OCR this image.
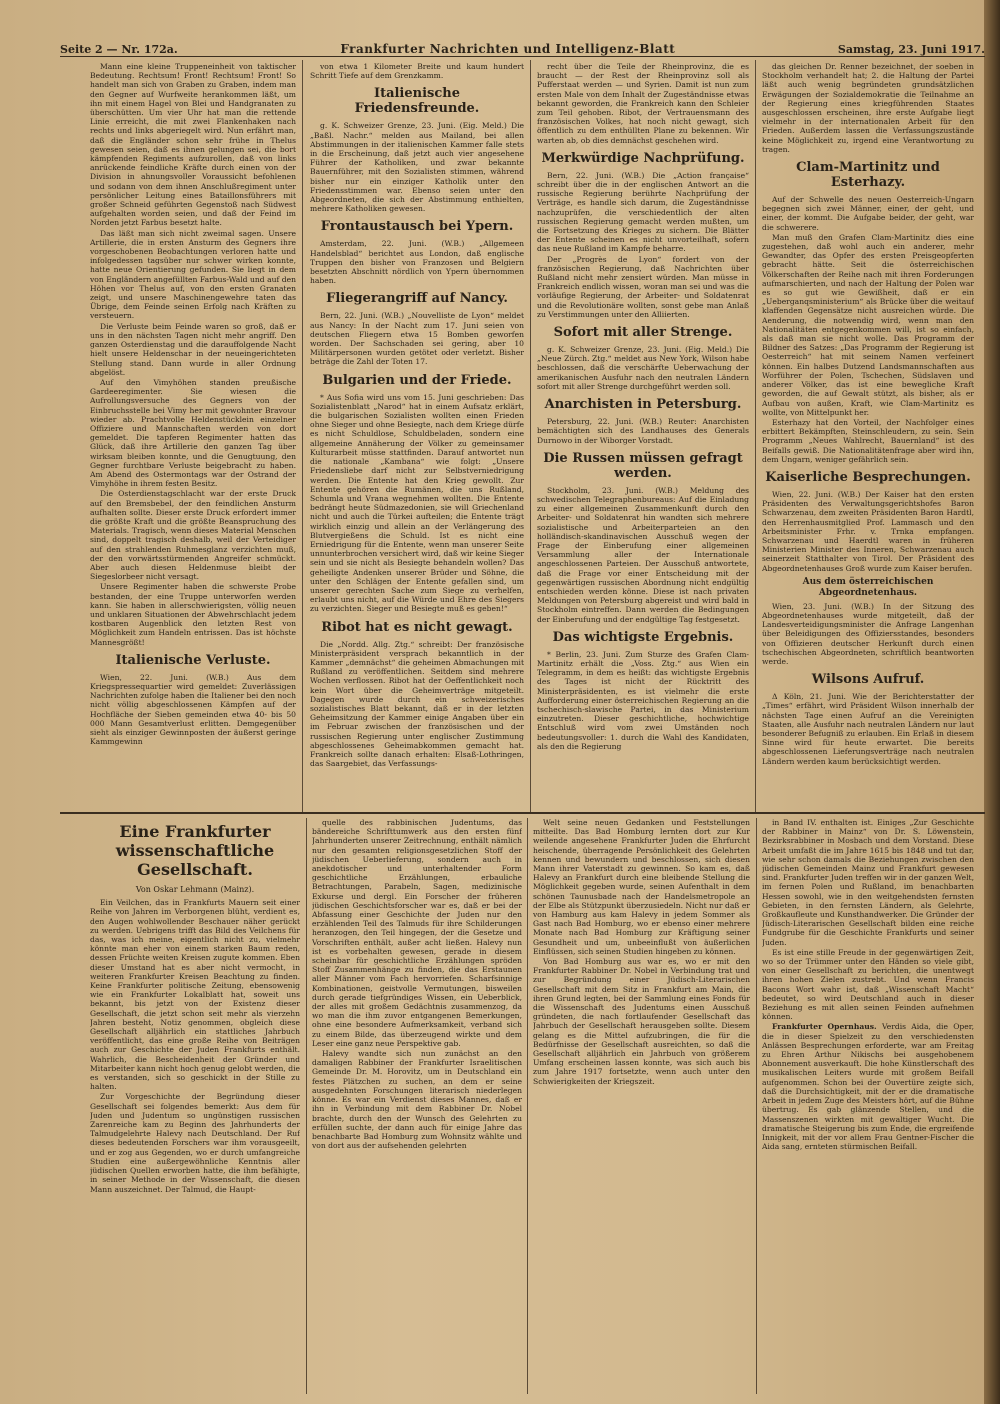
Seite 2 — Nr. 172a.	Frankfurter Nachrichten und Intelligenz-Blatt	Samstag, 23. Juni 1917.

Mann eine kleine Truppeneinheit von taktischer Bedeutung. Rechtsum! Front! Rechtsum! Front! So handelt man sich von Graben zu Graben, indem man den Gegner auf Wurfweite herankommen läßt, um ihn mit einem Hagel von Blei und Handgranaten zu überschütten. Um vier Uhr hat man die rettende Linie erreicht, die mit zwei Flankenhaken nach rechts und links abgeriegelt wird. Nun erfährt man, daß die Engländer schon sehr frühe in Thelus gewesen seien, daß es ihnen gelungen sei, die bort kämpfenden Regiments aufzurollen, daß von links anrückende feindliche Kräfte durch einen von der Division in ahnungsvoller Voraussicht befohlenen und sodann von dem ihnen Anschlußregiment unter persönlicher Leitung eines Bataillonsführers mit großer Schneid geführten Gegenstoß nach Südwest aufgehalten worden seien, und daß der Feind im Norden jetzt Farbus besetzt halte.

Das läßt man sich nicht zweimal sagen. Unsere Artillerie, die in ersten Ansturm des Gegners ihre vorgeschobenen Beobachtungen verloren hatte und infolgedessen tagsüber nur schwer wirken konnte, hatte neue Orientierung gefunden. Sie liegt in dem von Engländern angefüllten Farbus-Wald und auf den Höhen vor Thelus auf, von den ersten Granaten zeigt, und unsere Maschinengewehre taten das Übrige, dem Feinde seinen Erfolg nach Kräften zu versteuern.

Die Verluste beim Feinde waren so groß, daß er uns in den nächsten Tagen nicht mehr angriff. Den ganzen Osterdienstag und die darauffolgende Nacht hielt unsere Heldenschar in der neueingerichteten Stellung stand. Dann wurde in aller Ordnung abgelöst.

Auf den Vimyhöhen standen preußische Gardeeregimenter. Sie wiesen die Aufrollungsversuche des Gegners von der Einbruchsstelle bei Vimy her mit gewohnter Bravour wieder ab. Prachtvolle Heldenstücklein einzelner Offiziere und Mannschaften werden von dort gemeldet. Die tapferen Regimenter hatten das Glück, daß ihre Artillerie den ganzen Tag über wirksam bleiben konnte, und die Genugtuung, den Gegner furchtbare Verluste beigebracht zu haben. Am Abend des Ostermontags war der Ostrand der Vimyhöhe in ihrem festen Besitz.

Die Osterdienstagschlacht war der erste Druck auf den Bremsbebel, der den feindlichen Ansturm aufhalten sollte. Dieser erste Druck erfordert immer die größte Kraft und die größte Beanspruchung des Materials. Tragisch, wenn dieses Material Menschen sind, doppelt tragisch deshalb, weil der Verteidiger auf den strahlenden Ruhmesglanz verzichten muß, der den vorwärtsstürmenden Angreifer schmückt. Aber auch diesen Heldenmuse bleibt der Siegeslorbeer nicht versagt.

Unsere Regimenter haben die schwerste Probe bestanden, der eine Truppe unterworfen werden kann. Sie haben in allerschwierigsten, völlig neuen und unklaren Situationen der Abwehrschlacht jedem kostbaren Augenblick den letzten Rest von Möglichkeit zum Handeln entrissen. Das ist höchste Mannesgrößt!

Italienische Verluste.

Wien, 22. Juni. (W.B.) Aus dem Kriegspressequartier wird gemeldet: Zuverlässigen Nachrichten zufolge haben die Italiener bei den noch nicht völlig abgeschlossenen Kämpfen auf der Hochfläche der Sieben gemeinden etwa 40- bis 50 000 Mann Gesamtverlust erlitten. Demgegenüber sieht als einziger Gewinnposten der äußerst geringe Kammgewinn

von etwa 1 Kilometer Breite und kaum hundert Schritt Tiefe auf dem Grenzkamm.

Italienische Friedensfreunde.

g. K. Schweizer Grenze, 23. Juni. (Eig. Meld.) Die „Baßl. Nachr.“ melden aus Mailand, bei allen Abstimmungen in der italienischen Kammer falle stets in die Erscheinung, daß jetzt auch vier angesehene Führer der Katholiken, und zwar bekannte Bauernführer, mit den Sozialisten stimmen, während bisher nur ein einziger Katholik unter den Friedensstimmen war. Ebenso seien unter den Abgeordneten, die sich der Abstimmung enthielten, mehrere Katholiken gewesen.

Frontaustausch bei Ypern.

Amsterdam, 22. Juni. (W.B.) „Allgemeen Handelsblad“ berichtet aus London, daß englische Truppen den bisher von Franzosen und Belgiern besetzten Abschnitt nördlich von Ypern übernommen haben.

Fliegerangriff auf Nancy.

Bern, 22. Juni. (W.B.) „Nouvelliste de Lyon“ meldet aus Nancy: In der Nacht zum 17. Juni seien von deutschen Fliegern etwa 15 Bomben geworfen worden. Der Sachschaden sei gering, aber 10 Militärpersonen wurden getötet oder verletzt. Bisher beträge die Zahl der Toten 17.

Bulgarien und der Friede.

* Aus Sofia wird uns vom 15. Juni geschrieben: Das Sozialistenblatt „Narod“ hat in einem Aufsatz erklärt, die bulgarischen Sozialisten wollten einen Frieden ohne Sieger und ohne Besiegte, nach dem Kriege dürfe es nicht Schuldlose, Schuldbeladen, sondern eine allgemeine Annäherung der Völker zu gemeinsamer Kulturarbeit müsse stattfinden. Darauf antwortet nun die nationale „Kambana“ wie folgt: „Unsere Friedensliebe darf nicht zur Selbstverniedrigung werden. Die Entente hat den Krieg gewollt. Zur Entente gehören die Rumänen, die uns Rußland, Schumla und Vrana wegnehmen wollten. Die Entente bedrängt heute Südmazedonien, sie will Griechenland nicht und auch die Türkei aufteilen; die Entente trägt wirklich einzig und allein an der Verlängerung des Blutvergießens die Schuld. Ist es nicht eine Erniedrigung für die Entente, wenn man unserer Seite unnunterbrochen versichert wird, daß wir keine Sieger sein und sie nicht als Besiegte behandeln wollen? Das geheiligte Andenken unserer Brüder und Söhne, die unter den Schlägen der Entente gefallen sind, um unserer gerechten Sache zum Siege zu verhelfen, erlaubt uns nicht, auf die Würde und Ehre des Siegers zu verzichten. Sieger und Besiegte muß es geben!“

Ribot hat es nicht gewagt.

Die „Nordd. Allg. Ztg.“ schreibt: Der französische Ministerpräsident versprach bekanntlich in der Kammer „demnächst“ die geheimen Abmachungen mit Rußland zu veröffentlichen. Seitdem sind mehrere Wochen verflossen. Ribot hat der Oeffentlichkeit noch kein Wort über die Geheimverträge mitgeteilt. Dagegen wurde durch ein schweizerisches sozialistisches Blatt bekannt, daß er in der letzten Geheimsitzung der Kammer einige Angaben über ein im Februar zwischen der französischen und der russischen Regierung unter englischer Zustimmung abgeschlossenes Geheimabkommen gemacht hat. Frankreich sollte danach erhalten: Elsaß-Lothringen, das Saargebiet, das Verfassungs-

recht über die Teile der Rheinprovinz, die es braucht — der Rest der Rheinprovinz soll als Pufferstaat werden — und Syrien. Damit ist nun zum ersten Male von dem Inhalt der Zugeständnisse etwas bekannt geworden, die Frankreich kann den Schleier zum Teil gehoben. Ribot, der Vertrauensmann des französischen Volkes, hat noch nicht gewagt, sich öffentlich zu dem enthüllten Plane zu bekennen. Wir warten ab, ob dies demnächst geschehen wird.

Merkwürdige Nachprüfung.

Bern, 22. Juni. (W.B.) Die „Action française“ schreibt über die in der englischen Antwort an die russische Regierung berührte Nachprüfung der Verträge, es handle sich darum, die Zugeständnisse nachzuprüfen, die verschiedentlich der alten russischen Regierung gemacht werden mußten, um die Fortsetzung des Krieges zu sichern. Die Blätter der Entente scheinen es nicht unvorteilhaft, sofern das neue Rußland im Kampfe beharre.

Der „Progrès de Lyon“ fordert von der französischen Regierung, daß Nachrichten über Rußland nicht mehr zensiert würden. Man müsse in Frankreich endlich wissen, woran man sei und was die vorläufige Regierung, der Arbeiter- und Soldatenrat und die Revolutionäre wollten, sonst gebe man Anlaß zu Verstimmungen unter den Alliierten.

Sofort mit aller Strenge.

g. K. Schweizer Grenze, 23. Juni. (Eig. Meld.) Die „Neue Zürch. Ztg.“ meldet aus New York, Wilson habe beschlossen, daß die verschärfte Ueberwachung der amerikanischen Ausfuhr nach den neutralen Ländern sofort mit aller Strenge durchgeführt werden soll.

Anarchisten in Petersburg.

Petersburg, 22. Juni. (W.B.) Reuter: Anarchisten bemächtigten sich des Landhauses des Generals Durnowo in der Wiborger Vorstadt.

Die Russen müssen gefragt werden.

Stockholm, 23. Juni. (W.B.) Meldung des schwedischen Telegraphenbureaus: Auf die Einladung zu einer allgemeinen Zusammenkunft durch den Arbeiter- und Soldatenrat hin wandten sich mehrere sozialistische und Arbeiterparteien an den holländisch-skandinavischen Ausschuß wegen der Frage der Einberufung einer allgemeinen Versammlung aller der Internationale angeschlossenen Parteien. Der Ausschuß antwortete, daß die Frage vor einer Entscheidung mit der gegenwärtigen russischen Abordnung nicht endgültig entschieden werden könne. Diese ist nach privaten Meldungen von Petersburg abgereist und wird bald in Stockholm eintreffen. Dann werden die Bedingungen der Einberufung und der endgültige Tag festgesetzt.

Das wichtigste Ergebnis.

* Berlin, 23. Juni. Zum Sturze des Grafen Clam-Martinitz erhält die „Voss. Ztg.“ aus Wien ein Telegramm, in dem es heißt: das wichtigste Ergebnis des Tages ist nicht der Rücktritt des Ministerpräsidenten, es ist vielmehr die erste Aufforderung einer österreichischen Regierung an die tschechisch-slawische Partei, in das Ministerium einzutreten. Dieser geschichtliche, hochwichtige Entschluß wird vom zwei Umständen noch bedeutungsvoller: 1. durch die Wahl des Kandidaten, als den die Regierung

das gleichen Dr. Renner bezeichnet, der soeben in Stockholm verhandelt hat; 2. die Haltung der Partei läßt auch wenig begründeten grundsätzlichen Erwägungen der Sozialdemokratie die Teilnahme an der Regierung eines kriegführenden Staates ausgeschlossen erscheinen, ihre erste Aufgabe liegt vielmehr in der internationalen Arbeit für den Frieden. Außerdem lassen die Verfassungszustände keine Möglichkeit zu, irgend eine Verantwortung zu tragen.

Clam-Martinitz und Esterhazy.

Auf der Schwelle des neuen Oesterreich-Ungarn begegnen sich zwei Männer, einer, der geht, und einer, der kommt. Die Aufgabe beider, der geht, war die schwerere.

Man muß den Grafen Clam-Martinitz dies eine zugestehen, daß wohl auch ein anderer, mehr Gewandter, das Opfer des ersten Preisgeopferten gebracht hätte. Seit die österreichischen Völkerschaften der Reihe nach mit ihren Forderungen aufmarschierten, und nach der Haltung der Polen war es so gut wie Gewißheit, daß er ein „Ueberganqsministerium“ als Brücke über die weitauf klaffenden Gegensätze nicht ausreichen würde. Die Aenderung, die notwendig wird, wenn man den Nationalitäten entgegenkommen will, ist so einfach, als daß man sie nicht wolle. Das Programm der Bildner des Satzes: „Das Programm der Regierung ist Oesterreich“ hat mit seinem Namen verfeinert können. Ein halbes Dutzend Landsmannschaften aus Worführer der Polen, Tschechen, Südslaven und anderer Völker, das ist eine bewegliche Kraft geworden, die auf Gewalt stützt, als bisher, als er Aufbau von außen, Kraft, wie Clam-Martinitz es wollte, von Mittelpunkt her.

Esterhazy hat den Vorteil, der Nachfolger eines erbittert Bekämpften, Steinschleudern, zu sein. Sein Programm „Neues Wahlrecht, Bauernland“ ist des Beifalls gewiß. Die Nationalitätenfrage aber wird ihn, dem Ungarn, weniger gefährlich sein.

Kaiserliche Besprechungen.

Wien, 22. Juni. (W.B.) Der Kaiser hat den ersten Präsidenten des Verwaltungsgerichtshofes Baron Schwarzenau, dem zweiten Präsidenten Baron Hardtl, den Herrenhausmitglied Prof. Lammasch und den Arbeitsminister Frhr. v. Trnka empfangen. Schwarzenau und Haerdtl waren in früheren Ministerien Minister des Inneren, Schwarzenau auch seinerzeit Statthalter von Tirol. Der Präsident des Abgeordnetenhauses Groß wurde zum Kaiser berufen.

Aus dem österreichischen Abgeordnetenhaus.

Wien, 23. Juni. (W.B.) In der Sitzung des Abgeordnetenhauses wurde mitgeteilt, daß der Landesverteidigungsminister die Anfrage Langenhan über Beleidigungen des Offiziersstandes, besonders von Offizieren deutscher Herkunft durch einen tschechischen Abgeordneten, schriftlich beantworten werde.

Wilsons Aufruf.

Δ Köln, 21. Juni. Wie der Berichterstatter der „Times“ erfährt, wird Präsident Wilson innerhalb der nächsten Tage einen Aufruf an die Vereinigten Staaten, alle Ausfuhr nach neutralen Ländern nur laut besonderer Befugniß zu erlauben. Ein Erlaß in diesem Sinne wird für heute erwartet. Die bereits abgeschlossenen Lieferungsverträge nach neutralen Ländern werden kaum berücksichtigt werden.

Eine Frankfurter wissenschaftliche Gesellschaft.
Von Oskar Lehmann (Mainz).

Ein Veilchen, das in Frankfurts Mauern seit einer Reihe von Jahren im Verborgenen blüht, verdient es, den Augen wohlwollender Beschauer näher gerückt zu werden. Uebrigens trifft das Bild des Veilchens für das, was ich meine, eigentlich nicht zu, vielmehr könnte man eher von einem starken Baum reden, dessen Früchte weiten Kreisen zugute kommen. Eben dieser Umstand hat es aber nicht vermocht, in weiteren Frankfurter Kreisen Beachtung zu finden. Keine Frankfurter politische Zeitung, ebensowenig wie ein Frankfurter Lokalblatt hat, soweit uns bekannt, bis jetzt von der Existenz dieser Gesellschaft, die jetzt schon seit mehr als vierzehn Jahren besteht, Notiz genommen, obgleich diese Gesellschaft alljährlich ein stattliches Jahrbuch veröffentlicht, das eine große Reihe von Beiträgen auch zur Geschichte der Juden Frankfurts enthält. Wahrlich, die Bescheidenheit der Gründer und Mitarbeiter kann nicht hoch genug gelobt werden, die es verstanden, sich so geschickt in der Stille zu halten.

Zur Vorgeschichte der Begründung dieser Gesellschaft sei folgendes bemerkt: Aus dem für Juden und Judentum so ungünstigen russischen Zarenreiche kam zu Beginn des Jahrhunderts der Talmudgelehrte Halevy nach Deutschland. Der Ruf dieses bedeutenden Forschers war ihm vorausgeeilt, und er zog aus Gegenden, wo er durch umfangreiche Studien eine außergewöhnliche Kenntnis aller jüdischen Quellen erworben hatte, die ihm befähigte, in seiner Methode in der Wissenschaft, die diesen Mann auszeichnet. Der Talmud, die Haupt-

quelle des rabbinischen Judentums, das bändereiche Schrifttumwerk aus den ersten fünf Jahrhunderten unserer Zeitrechnung, enthält nämlich nur den gesamten religionsgesetzlichen Stoff der jüdischen Ueberlieferung, sondern auch in anekdotischer und unterhaltender Form geschichtliche Erzählungen, erbauliche Betrachtungen, Parabeln, Sagen, medizinische Exkurse und dergl. Ein Forscher der früheren jüdischen Geschichtsforscher war es, daß er bei der Abfassung einer Geschichte der Juden nur den erzählenden Teil des Talmuds für ihre Schilderungen heranzogen, den Teil hingegen, der die Gesetze und Vorschriften enthält, außer acht ließen. Halevy nun ist es vorbehalten gewesen, gerade in diesem scheinbar für geschichtliche Erzählungen spröden Stoff Zusammenhänge zu finden, die das Erstaunen aller Männer vom Fach hervorriefen. Scharfsinnige Kombinationen, geistvolle Vermutungen, bisweilen durch gerade tiefgründiges Wissen, ein Ueberblick, der alles mit großem Gedächtnis zusammenzog, da wo man die ihm zuvor entgangenen Bemerkungen, ohne eine besondere Aufmerksamkeit, verband sich zu einem Bilde, das überzeugend wirkte und dem Leser eine ganz neue Perspektive gab.

Halevy wandte sich nun zunächst an den damaligen Rabbiner der Frankfurter Israelitischen Gemeinde Dr. M. Horovitz, um in Deutschland ein festes Plätzchen zu suchen, an dem er seine ausgedehnten Forschungen literarisch niederlegen könne. Es war ein Verdienst dieses Mannes, daß er ihn in Verbindung mit dem Rabbiner Dr. Nobel brachte, durch den der Wunsch des Gelehrten zu erfüllen suchte, der dann auch für einige Jahre das benachbarte Bad Homburg zum Wohnsitz wählte und von dort aus der aufsehenden gelehrten

Welt seine neuen Gedanken und Feststellungen mitteilte. Das Bad Homburg lernten dort zur Kur weilende angesehene Frankfurter Juden die Ehrfurcht heischende, überragende Persönlichkeit des Gelehrten kennen und bewundern und beschlossen, sich diesen Mann ihrer Vaterstadt zu gewinnen. So kam es, daß Halevy an Frankfurt durch eine bleibende Stellung die Möglichkeit gegeben wurde, seinen Aufenthalt in dem schönen Taunusbade nach der Handelsmetropole an der Elbe als Stützpunkt überzusiedeln. Nicht nur daß er von Hamburg aus kam Halevy in jedem Sommer als Gast nach Bad Homburg, wo er ebenso einer mehrere Monate nach Bad Homburg zur Kräftigung seiner Gesundheit und um, unbeeinflußt von äußerlichen Einflüssen, sich seinen Studien hingeben zu können.

Von Bad Homburg aus war es, wo er mit den Frankfurter Rabbiner Dr. Nobel in Verbindung trat und zur Begründung einer Jüdisch-Literarischen Gesellschaft mit dem Sitz in Frankfurt am Main, die ihren Grund legten, bei der Sammlung eines Fonds für die Wissenschaft des Judentums einen Ausschuß gründeten, die nach fortlaufender Gesellschaft das Jahrbuch der Gesellschaft herausgeben sollte. Diesem gelang es die Mittel aufzubringen, die für die Bedürfnisse der Gesellschaft ausreichten, so daß die Gesellschaft alljährlich ein Jahrbuch von größerem Umfang erscheinen lassen konnte, was sich auch bis zum Jahre 1917 fortsetzte, wenn auch unter den Schwierigkeiten der Kriegszeit.

in Band IV. enthalten ist. Einiges „Zur Geschichte der Rabbiner in Mainz“ von Dr. S. Löwenstein, Bezirksrabbiner in Mosbach und dem Vorstand. Diese Arbeit umfaßt die im Jahre 1615 bis 1848 und tut dar, wie sehr schon damals die Beziehungen zwischen den jüdischen Gemeinden Mainz und Frankfurt gewesen sind. Frankfurter Juden treffen wir in der ganzen Welt, im fernen Polen und Rußland, im benachbarten Hessen sowohl, wie in den weitgehendsten fernsten Gebieten, in den fernsten Ländern, als Gelehrte, Großkaufleute und Kunsthandwerker. Die Gründer der Jüdisch-Literarischen Gesellschaft bilden eine reiche Fundgrube für die Geschichte Frankfurts und seiner Juden.

Es ist eine stille Freude in der gegenwärtigen Zeit, wo so der Trümmer unter den Händen so viele gibt, von einer Gesellschaft zu berichten, die unentwegt ihren hohen Zielen zustrebt. Und wenn Francis Bacons Wort wahr ist, daß „Wissenschaft Macht“ bedeutet, so wird Deutschland auch in dieser Beziehung es mit allen seinen Feinden aufnehmen können.

Frankfurter Opernhaus. Verdis Aida, die Oper, die in dieser Spielzeit zu den verschiedensten Anlässen Besprechungen erforderte, war am Freitag zu Ehren Arthur Nikischs bei ausgehobenem Abonnement ausverkauft. Die hohe Künstlerschaft des musikalischen Leiters wurde mit großem Beifall aufgenommen. Schon bei der Ouvertüre zeigte sich, daß die Durchsichtigkeit, mit der er die dramatische Arbeit in jedem Zuge des Meisters hört, auf die Bühne übertrug. Es gab glänzende Stellen, und die Massenszenen wirkten mit gewaltiger Wucht. Die dramatische Steigerung bis zum Ende, die ergreifende Innigkeit, mit der vor allem Frau Gentner-Fischer die Aida sang, ernteten stürmischen Beifall.
